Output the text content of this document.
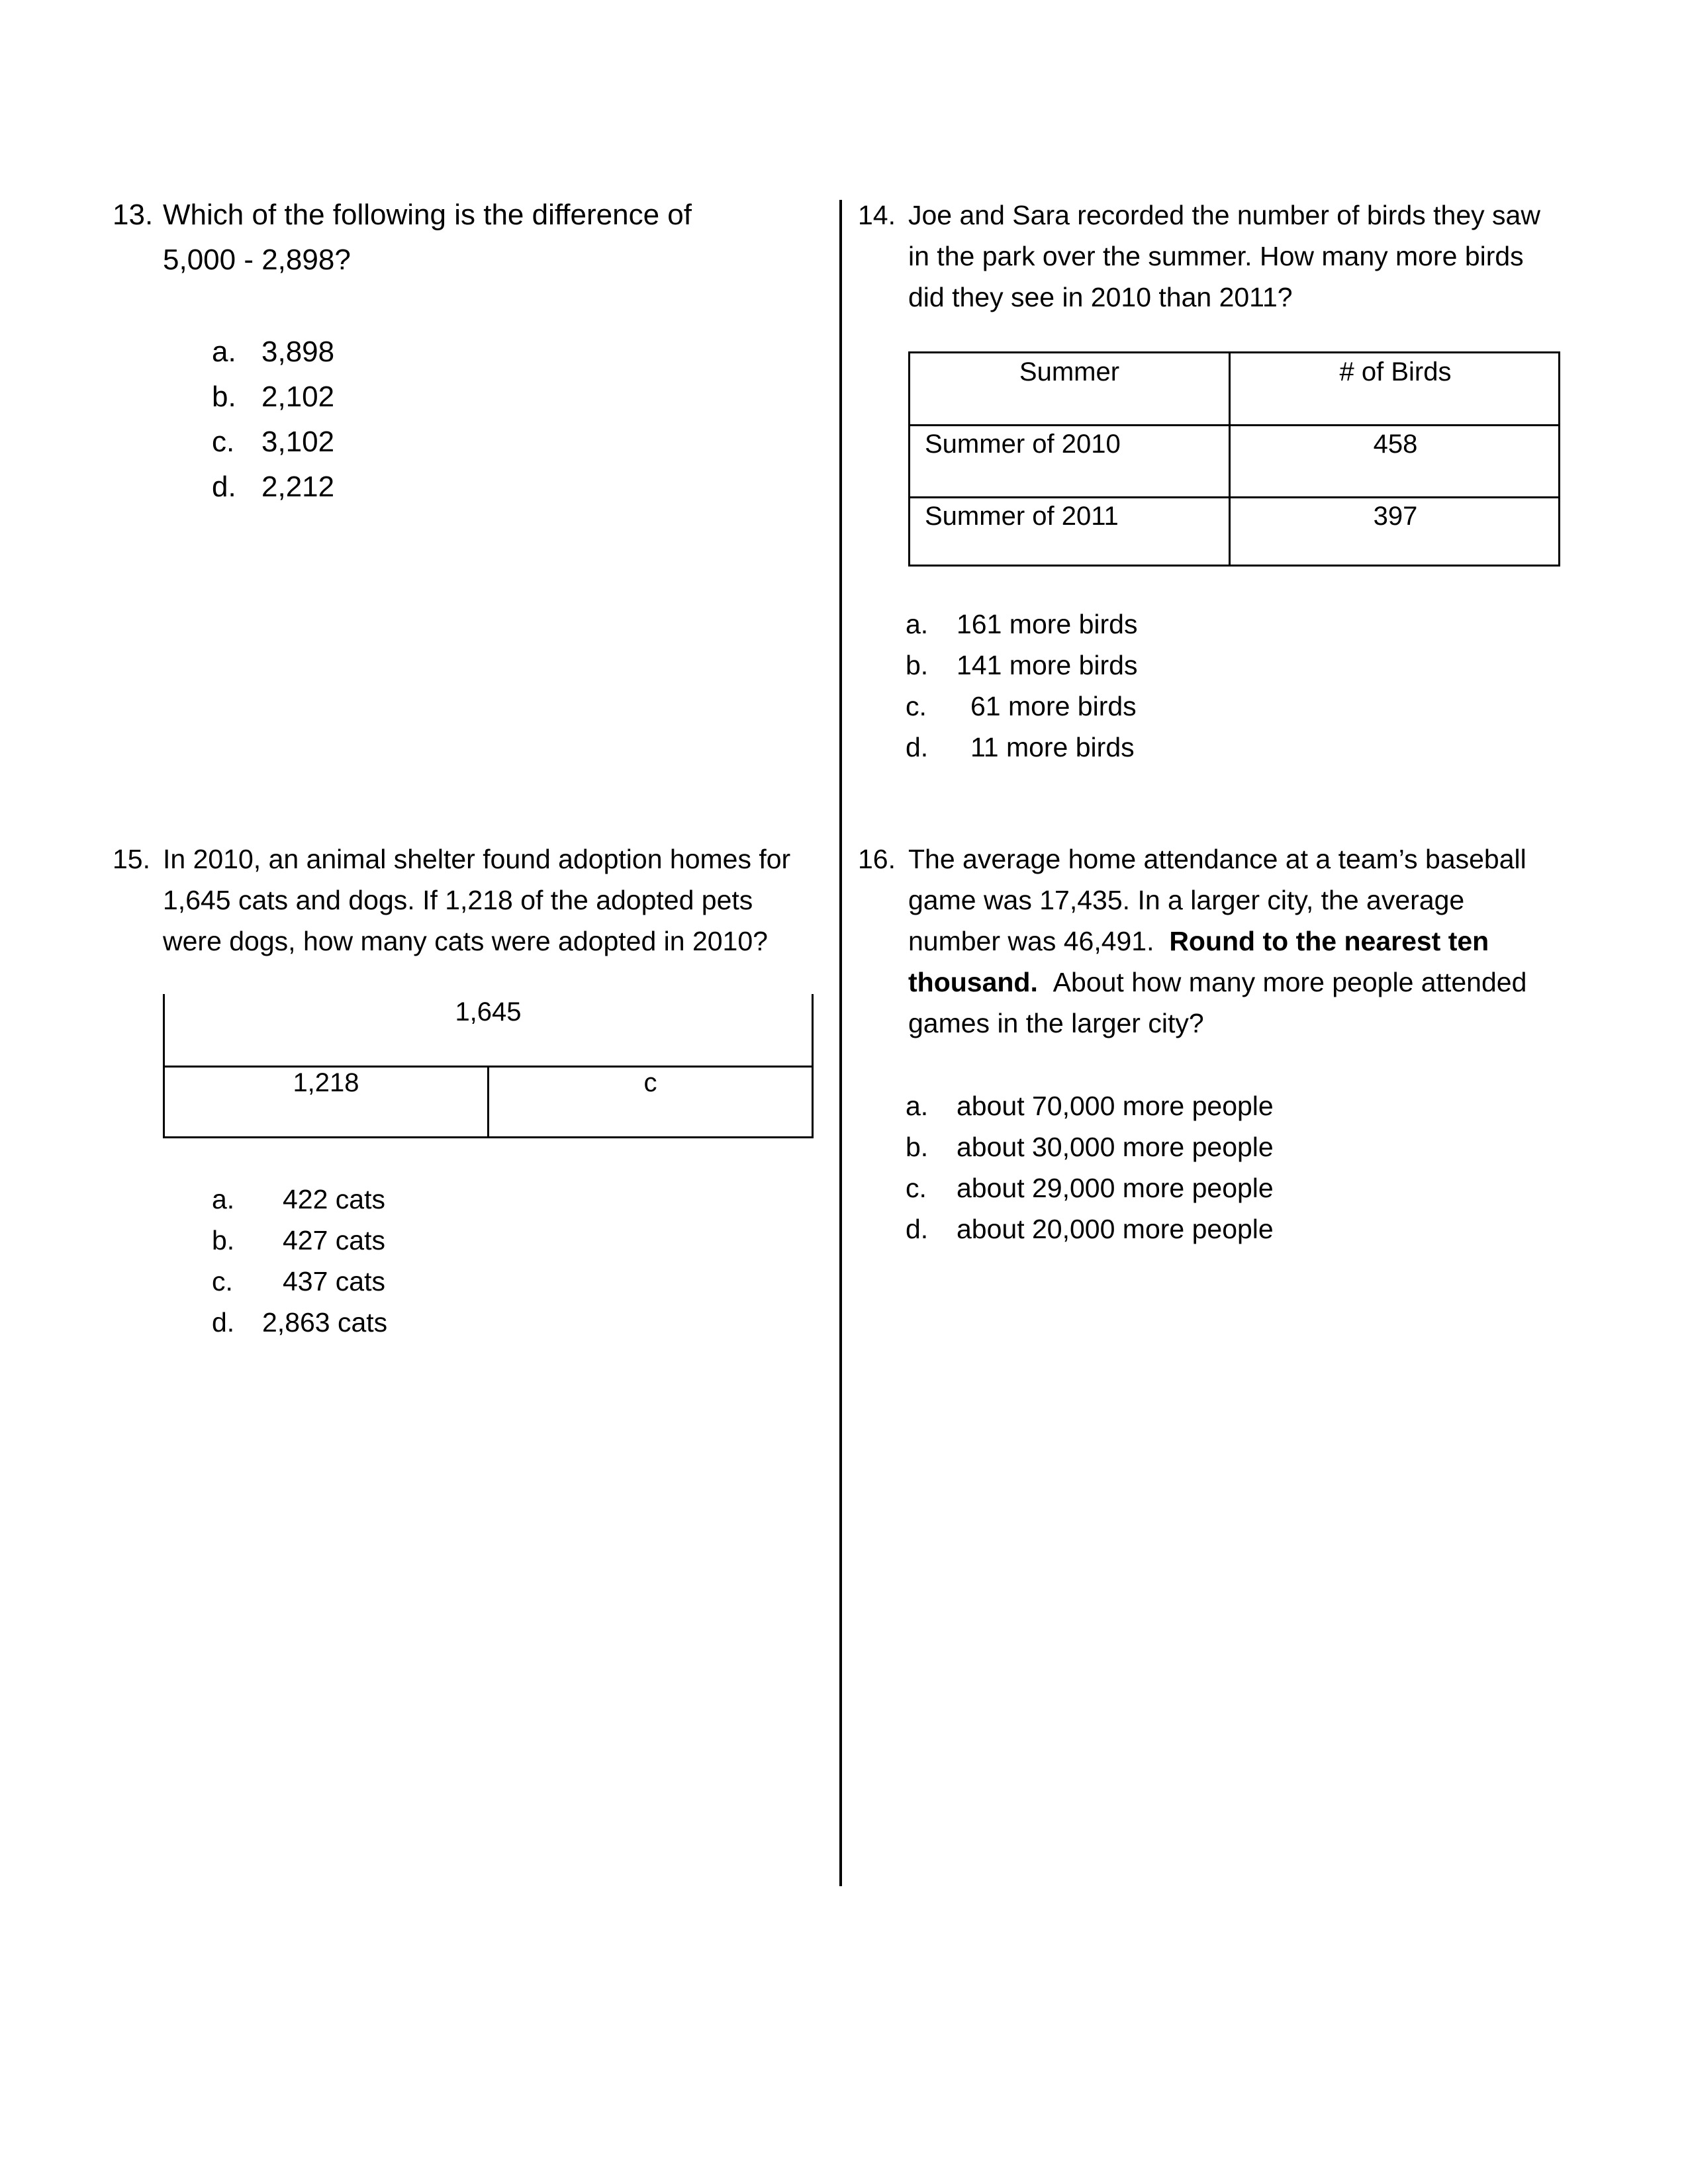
13. Which of the following is the difference of
5,000 - 2,898?
a. 3,898
b. 2,102
c. 3,102
d. 2,212
14. Joe and Sara recorded the number of birds they saw
in the park over the summer. How many more birds
did they see in 2010 than 2011?
Summer	# of Birds
Summer of 2010	458
Summer of 2011	397
a. 161 more birds
b. 141 more birds
c. 61 more birds
d. 11 more birds
15. In 2010, an animal shelter found adoption homes for
1,645 cats and dogs. If 1,218 of the adopted pets
were dogs, how many cats were adopted in 2010?
1,645
1,218	c
a. 422 cats
b. 427 cats
c. 437 cats
d. 2,863 cats
16. The average home attendance at a team’s baseball
game was 17,435. In a larger city, the average
number was 46,491. Round to the nearest ten
thousand. About how many more people attended
games in the larger city?
a. about 70,000 more people
b. about 30,000 more people
c. about 29,000 more people
d. about 20,000 more people
